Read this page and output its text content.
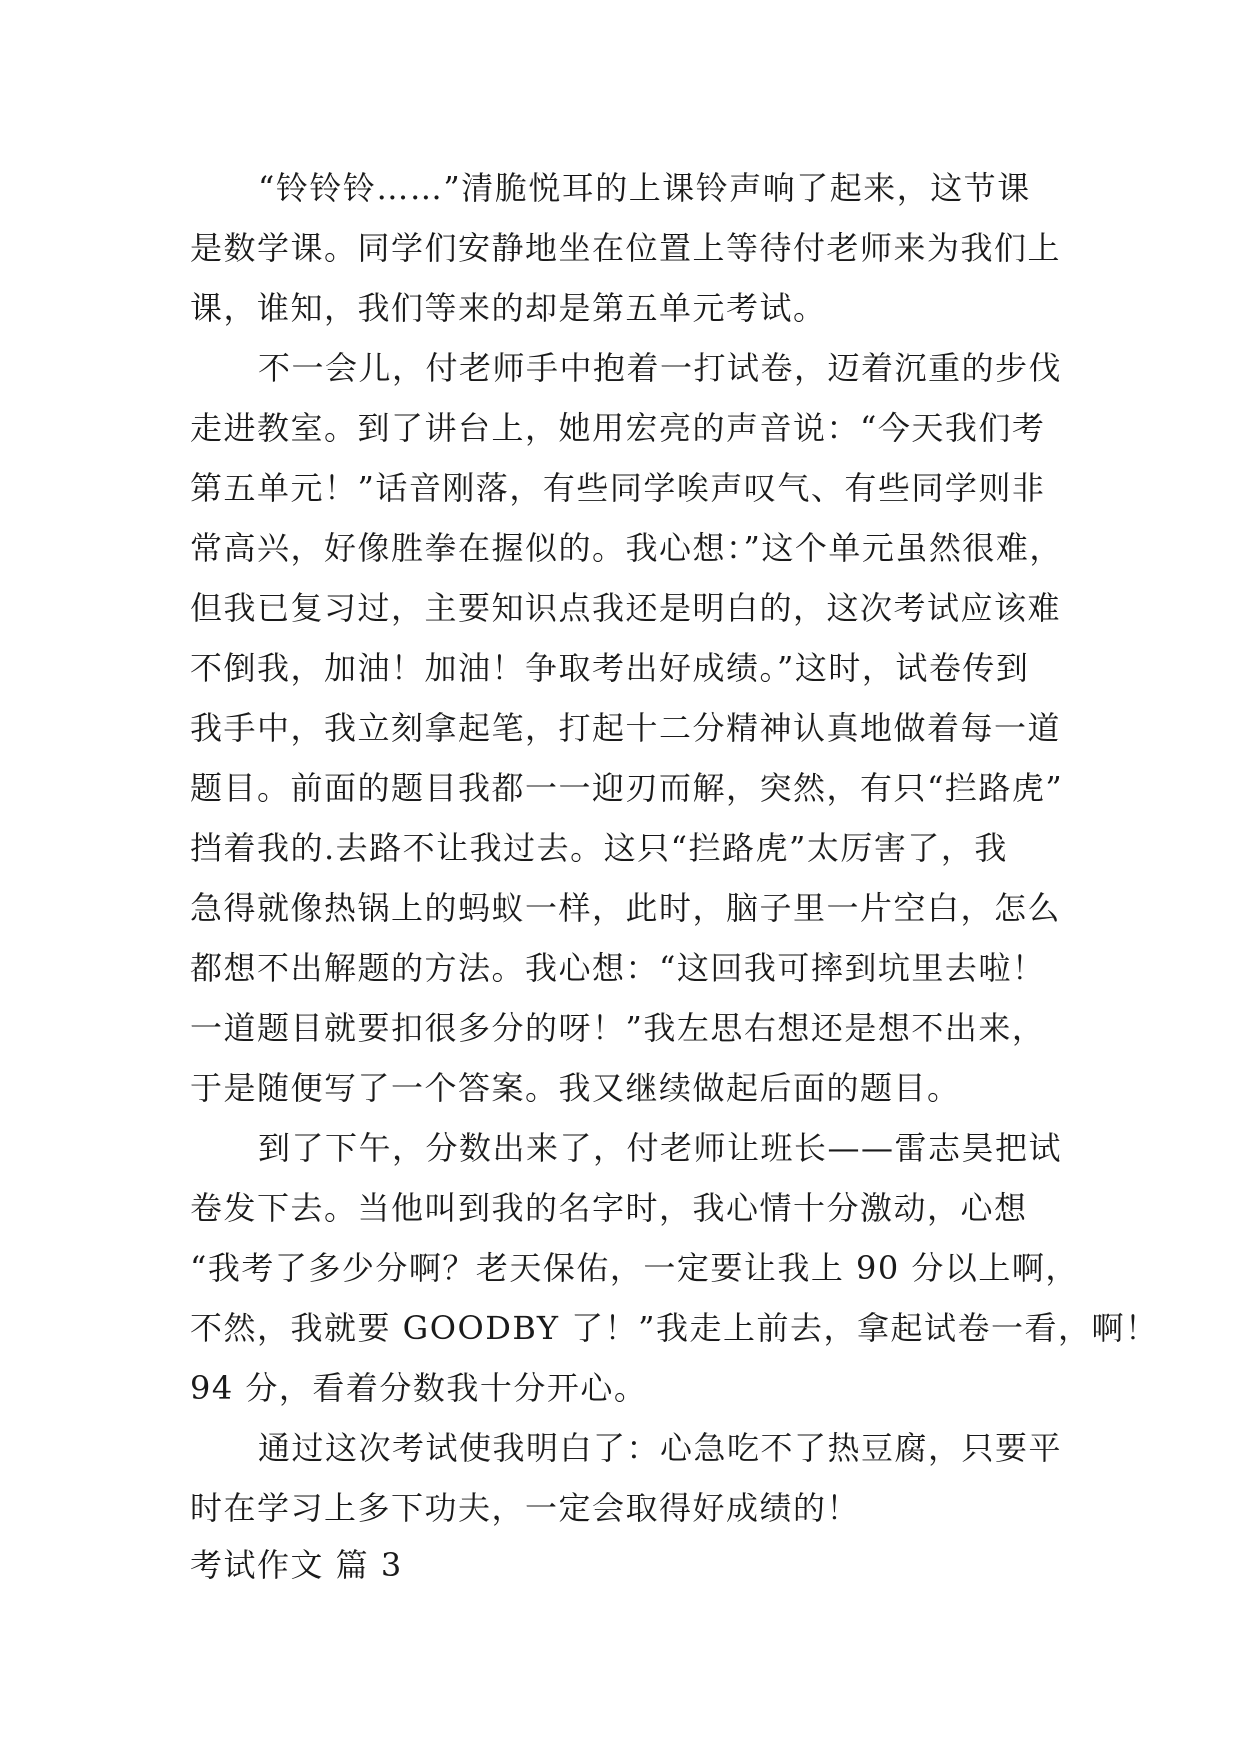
“铃铃铃……”清脆悦耳的上课铃声响了起来，这节课
是数学课。同学们安静地坐在位置上等待付老师来为我们上
课，谁知，我们等来的却是第五单元考试。
不一会儿，付老师手中抱着一打试卷，迈着沉重的步伐
走进教室。到了讲台上，她用宏亮的声音说：“今天我们考
第五单元！”话音刚落，有些同学唉声叹气、有些同学则非
常高兴，好像胜拳在握似的。我心想：”这个单元虽然很难，
但我已复习过，主要知识点我还是明白的，这次考试应该难
不倒我，加油！加油！争取考出好成绩。”这时，试卷传到
我手中，我立刻拿起笔，打起十二分精神认真地做着每一道
题目。前面的题目我都一一迎刃而解，突然，有只“拦路虎”
挡着我的.去路不让我过去。这只“拦路虎”太厉害了，我
急得就像热锅上的蚂蚁一样，此时，脑子里一片空白，怎么
都想不出解题的方法。我心想：“这回我可摔到坑里去啦！
一道题目就要扣很多分的呀！”我左思右想还是想不出来，
于是随便写了一个答案。我又继续做起后面的题目。
到了下午，分数出来了，付老师让班长——雷志昊把试
卷发下去。当他叫到我的名字时，我心情十分激动，心想
“我考了多少分啊？老天保佑，一定要让我上 90 分以上啊，
不然，我就要 GOODBY 了！”我走上前去，拿起试卷一看，啊！
94 分，看着分数我十分开心。
通过这次考试使我明白了：心急吃不了热豆腐，只要平
时在学习上多下功夫，一定会取得好成绩的！
考试作文 篇 3
